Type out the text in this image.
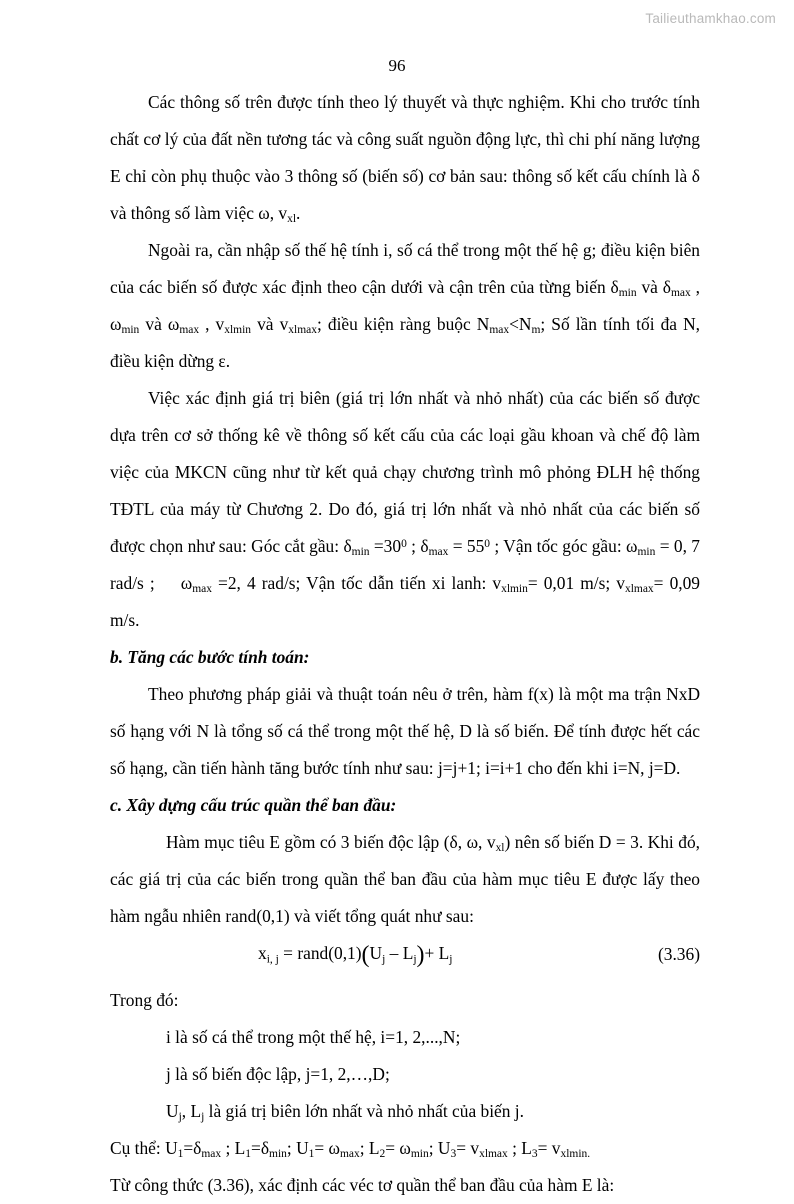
Tailieuthamkhao.com
96

Các thông số trên được tính theo lý thuyết và thực nghiệm. Khi cho trước tính chất cơ lý của đất nền tương tác và công suất nguồn động lực, thì chi phí năng lượng E chỉ còn phụ thuộc vào 3 thông số (biến số) cơ bản sau: thông số kết cấu chính là δ và thông số làm việc ω, $v_{xl}$.

Ngoài ra, cần nhập số thế hệ tính i, số cá thể trong một thế hệ g; điều kiện biên của các biến số được xác định theo cận dưới và cận trên của từng biến $\delta_{min}$ và $\delta_{max}$ , $\omega_{min}$ và $\omega_{max}$ , $v_{xlmin}$ và $v_{xlmax}$; điều kiện ràng buộc $N_{max}<N_m$; Số lần tính tối đa N, điều kiện dừng ε.

Việc xác định giá trị biên (giá trị lớn nhất và nhỏ nhất) của các biến số được dựa trên cơ sở thống kê về thông số kết cấu của các loại gầu khoan và chế độ làm việc của MKCN cũng như từ kết quả chạy chương trình mô phỏng ĐLH hệ thống TĐTL của máy từ Chương 2. Do đó, giá trị lớn nhất và nhỏ nhất của các biến số được chọn như sau: Góc cắt gầu: $\delta_{min} =30^0$ ; $\delta_{max} = 55^0$ ; Vận tốc góc gầu: $\omega_{min} = 0$, 7 rad/s ; $\omega_{max} =2$, 4 rad/s; Vận tốc dẫn tiến xi lanh: $v_{xlmin}= 0,01$ m/s; $v_{xlmax}= 0,09$ m/s.

b. Tăng các bước tính toán:

Theo phương pháp giải và thuật toán nêu ở trên, hàm f(x) là một ma trận NxD số hạng với N là tổng số cá thể trong một thế hệ, D là số biến. Để tính được hết các số hạng, cần tiến hành tăng bước tính như sau: j=j+1; i=i+1 cho đến khi i=N, j=D.

c. Xây dựng cấu trúc quần thể ban đầu:

Hàm mục tiêu E gồm có 3 biến độc lập (δ, ω, $v_{xl}$) nên số biến D = 3. Khi đó, các giá trị của các biến trong quần thể ban đầu của hàm mục tiêu E được lấy theo hàm ngẫu nhiên rand(0,1) và viết tổng quát như sau:

$x_{i, j}$ = $rand(0,1)(U_j - L_j)+ L_j$	(3.36)

Trong đó:

i là số cá thể trong một thế hệ, i=1, 2,...,N;

j là số biến độc lập, j=1, 2,…,D;

$U_j$, $L_j$ là giá trị biên lớn nhất và nhỏ nhất của biến j.

Cụ thể: $U_1=\delta_{max}$ ; $L_1=\delta_{min}$; $U_1= \omega_{max}$; $L_2= \omega_{min}$; $U_3= v_{xlmax}$ ; $L_3= v_{xlmin.}$

Từ công thức (3.36), xác định các véc tơ quần thể ban đầu của hàm E là:
